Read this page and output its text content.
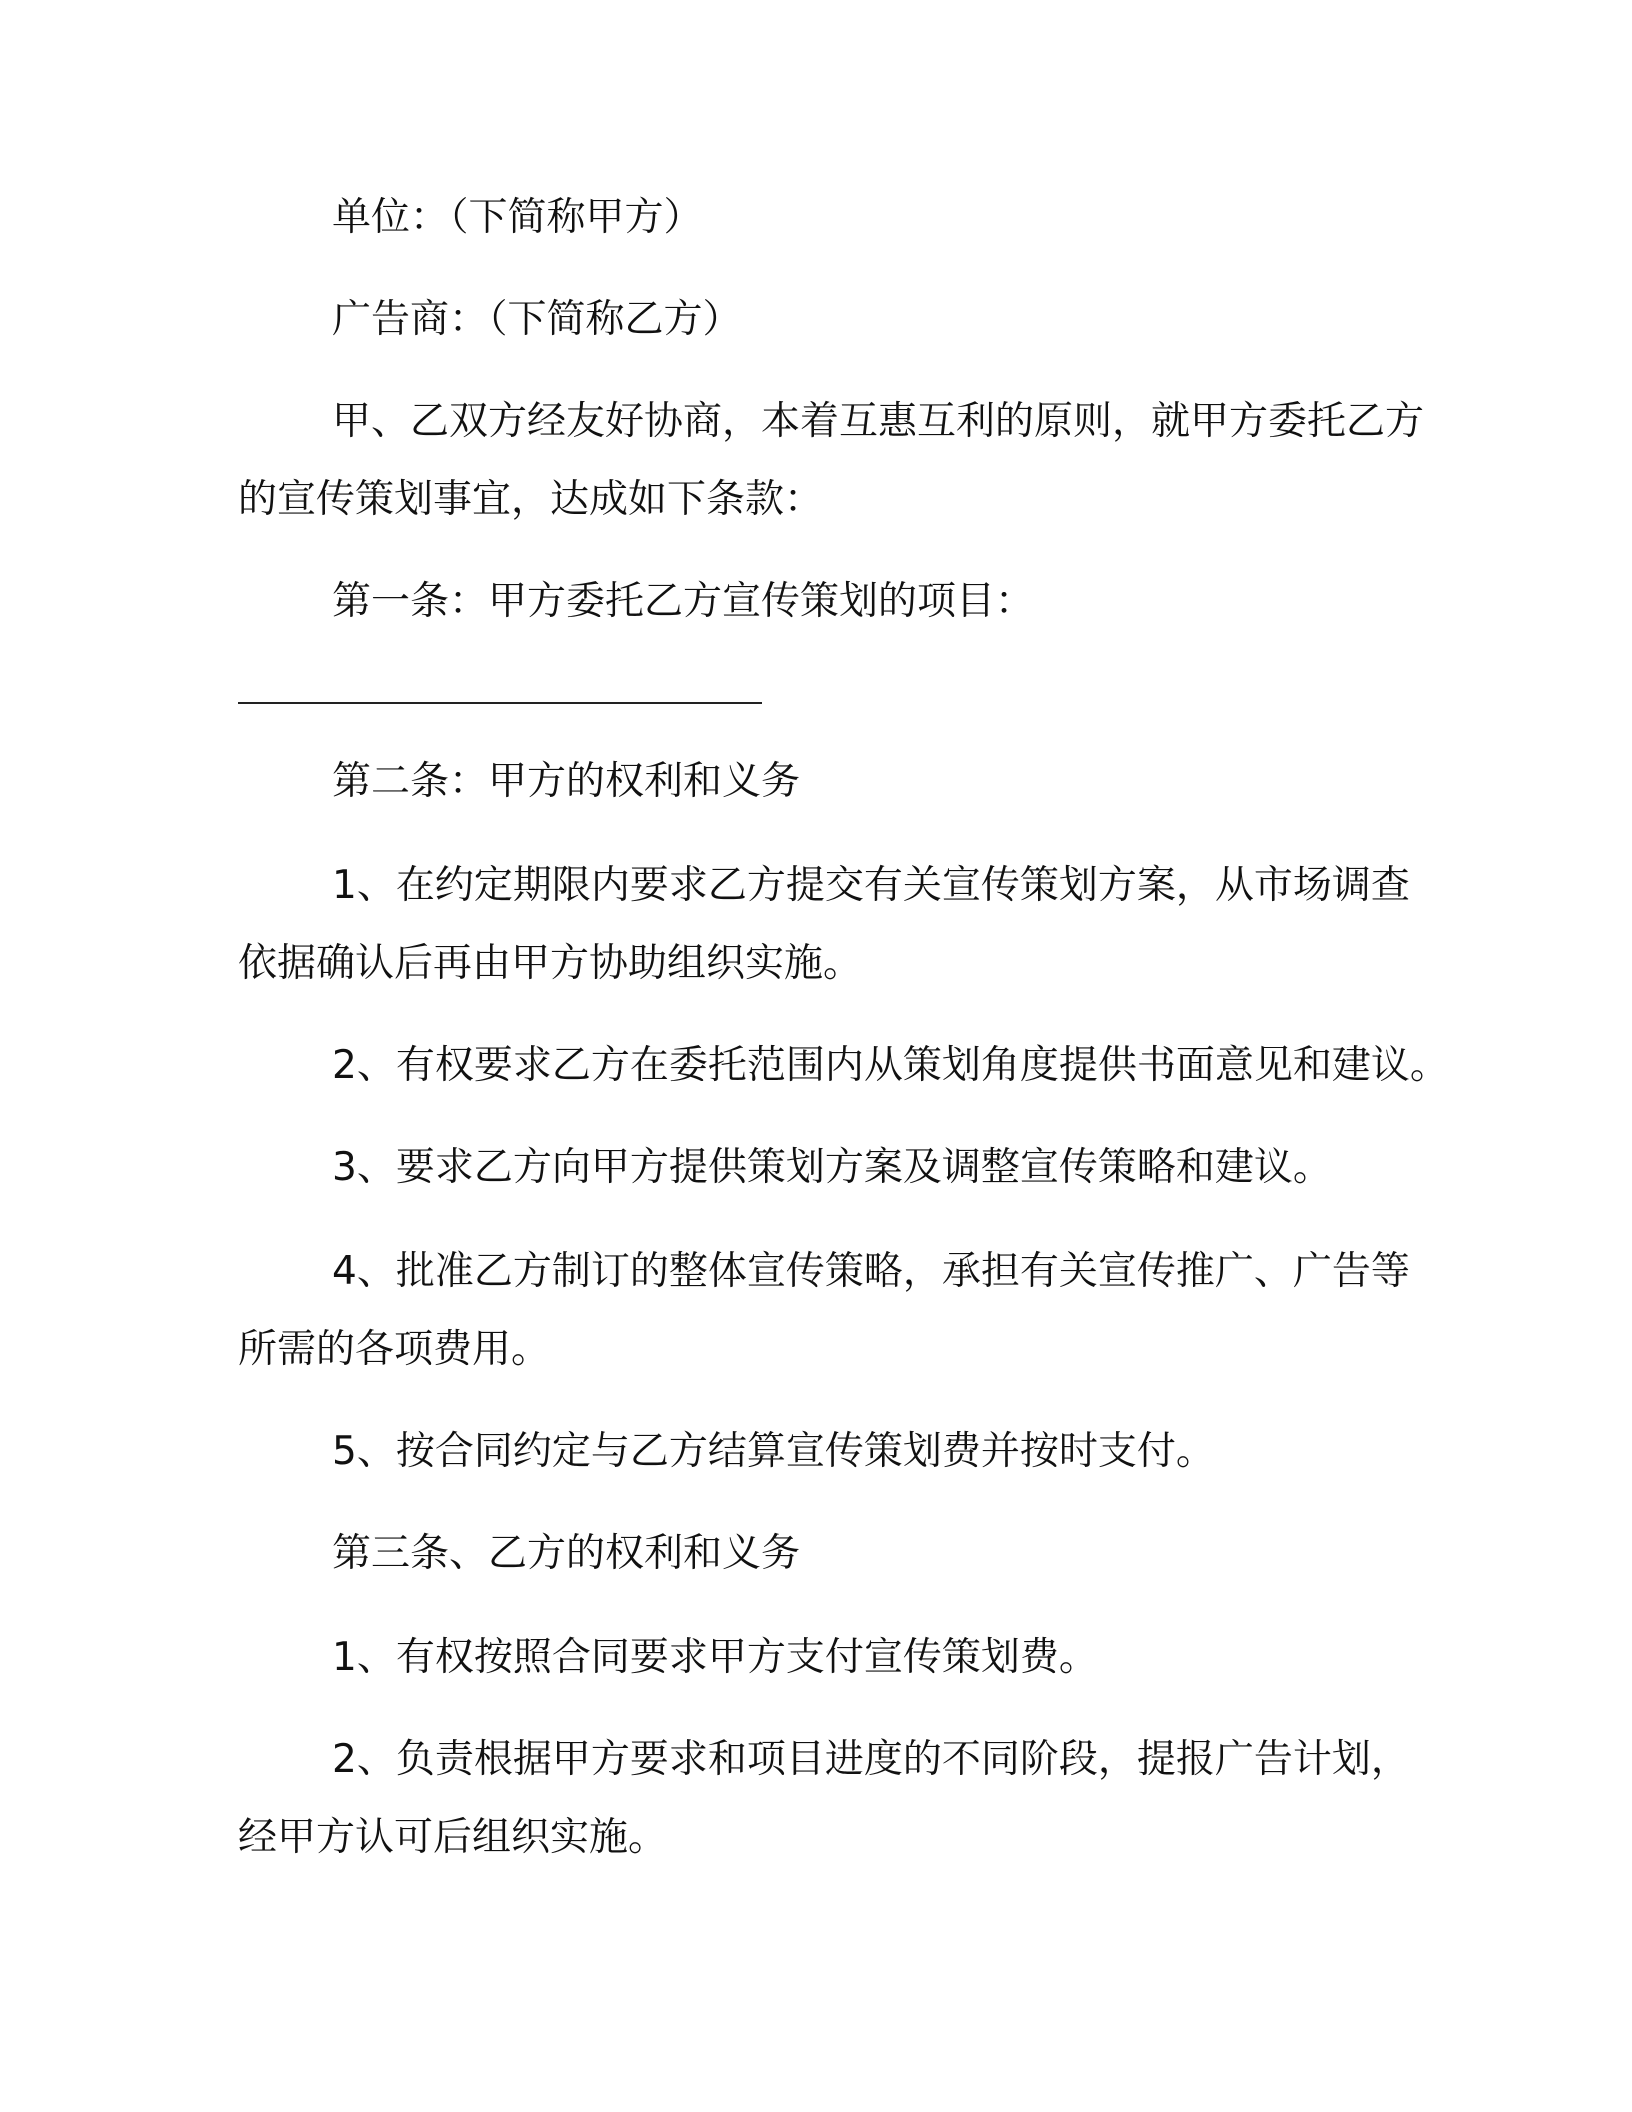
单位：（下简称甲方）
广告商：（下简称乙方）
甲、乙双方经友好协商，本着互惠互利的原则，就甲方委托乙方
的宣传策划事宜，达成如下条款：
第一条：甲方委托乙方宣传策划的项目：
第二条：甲方的权利和义务
1、在约定期限内要求乙方提交有关宣传策划方案，从市场调查
依据确认后再由甲方协助组织实施。
2、有权要求乙方在委托范围内从策划角度提供书面意见和建议。
3、要求乙方向甲方提供策划方案及调整宣传策略和建议。
4、批准乙方制订的整体宣传策略，承担有关宣传推广、广告等
所需的各项费用。
5、按合同约定与乙方结算宣传策划费并按时支付。
第三条、乙方的权利和义务
1、有权按照合同要求甲方支付宣传策划费。
2、负责根据甲方要求和项目进度的不同阶段，提报广告计划，
经甲方认可后组织实施。
